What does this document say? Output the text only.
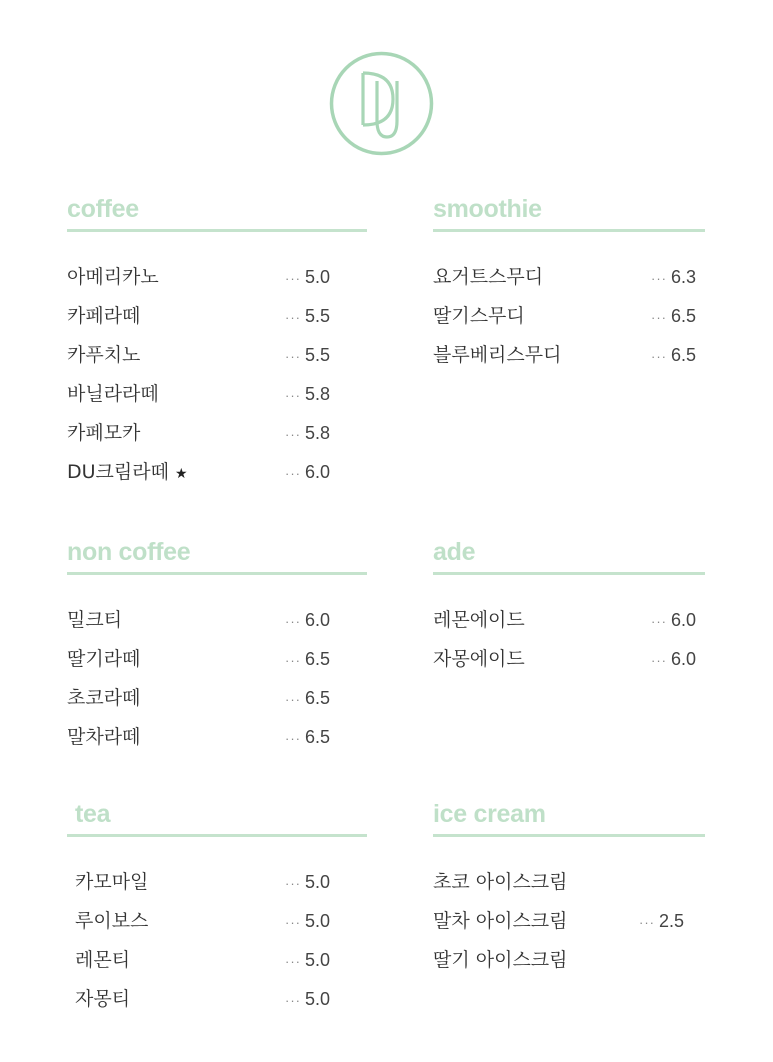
coffee
아메리카노	··· 5.0
카페라떼	··· 5.5
카푸치노	··· 5.5
바닐라라떼	··· 5.8
카페모카	··· 5.8
DU크림라떼 ★	··· 6.0
smoothie
요거트스무디	··· 6.3
딸기스무디	··· 6.5
블루베리스무디	··· 6.5
non coffee
밀크티	··· 6.0
딸기라떼	··· 6.5
초코라떼	··· 6.5
말차라떼	··· 6.5
ade
레몬에이드	··· 6.0
자몽에이드	··· 6.0
tea
카모마일	··· 5.0
루이보스	··· 5.0
레몬티	··· 5.0
자몽티	··· 5.0
ice cream
초코 아이스크림
말차 아이스크림	··· 2.5
딸기 아이스크림
